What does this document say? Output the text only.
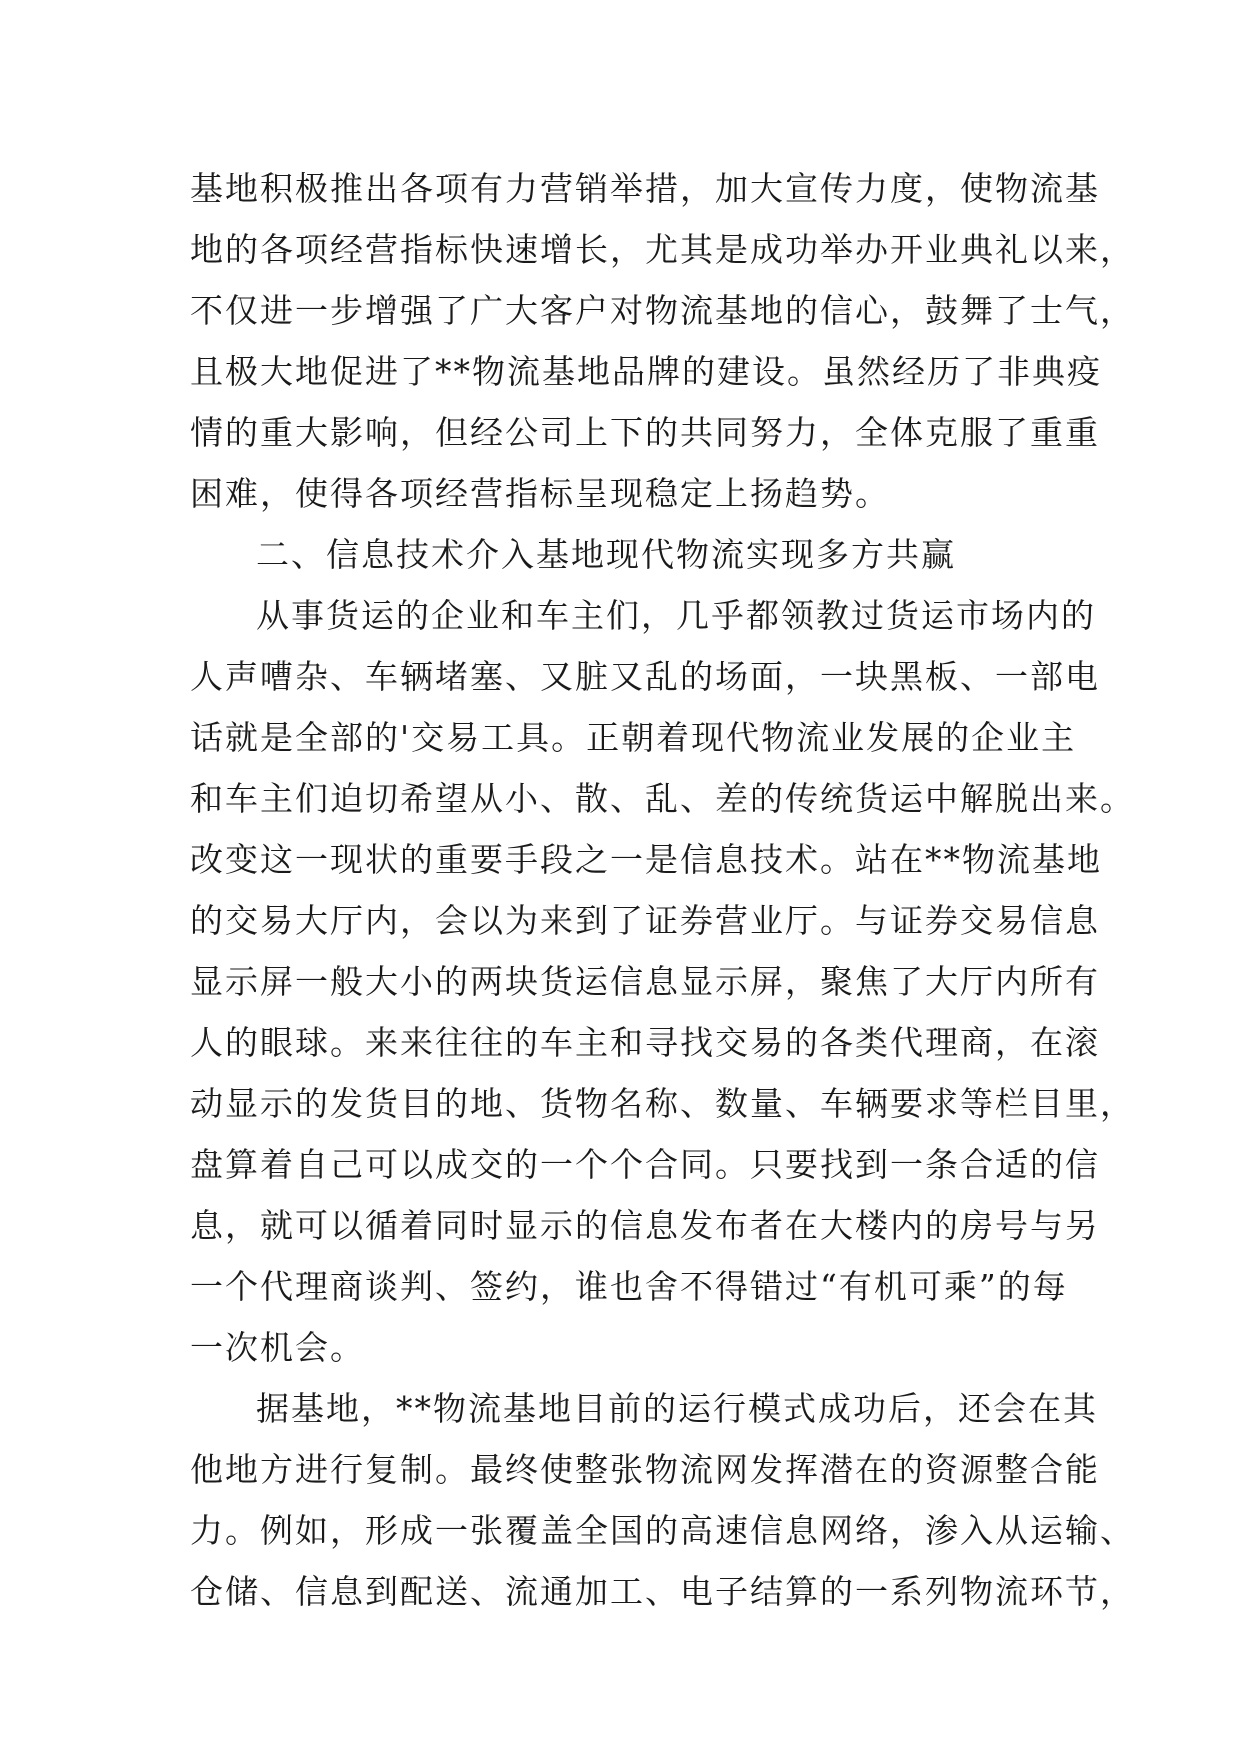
基地积极推出各项有力营销举措，加大宣传力度，使物流基
地的各项经营指标快速增长，尤其是成功举办开业典礼以来，
不仅进一步增强了广大客户对物流基地的信心，鼓舞了士气，
且极大地促进了**物流基地品牌的建设。虽然经历了非典疫
情的重大影响，但经公司上下的共同努力，全体克服了重重
困难，使得各项经营指标呈现稳定上扬趋势。
二、信息技术介入基地现代物流实现多方共赢
从事货运的企业和车主们，几乎都领教过货运市场内的
人声嘈杂、车辆堵塞、又脏又乱的场面，一块黑板、一部电
话就是全部的'交易工具。正朝着现代物流业发展的企业主
和车主们迫切希望从小、散、乱、差的传统货运中解脱出来。
改变这一现状的重要手段之一是信息技术。站在**物流基地
的交易大厅内，会以为来到了证券营业厅。与证券交易信息
显示屏一般大小的两块货运信息显示屏，聚焦了大厅内所有
人的眼球。来来往往的车主和寻找交易的各类代理商，在滚
动显示的发货目的地、货物名称、数量、车辆要求等栏目里，
盘算着自己可以成交的一个个合同。只要找到一条合适的信
息，就可以循着同时显示的信息发布者在大楼内的房号与另
一个代理商谈判、签约，谁也舍不得错过“有机可乘”的每
一次机会。
据基地，**物流基地目前的运行模式成功后，还会在其
他地方进行复制。最终使整张物流网发挥潜在的资源整合能
力。例如，形成一张覆盖全国的高速信息网络，渗入从运输、
仓储、信息到配送、流通加工、电子结算的一系列物流环节，
